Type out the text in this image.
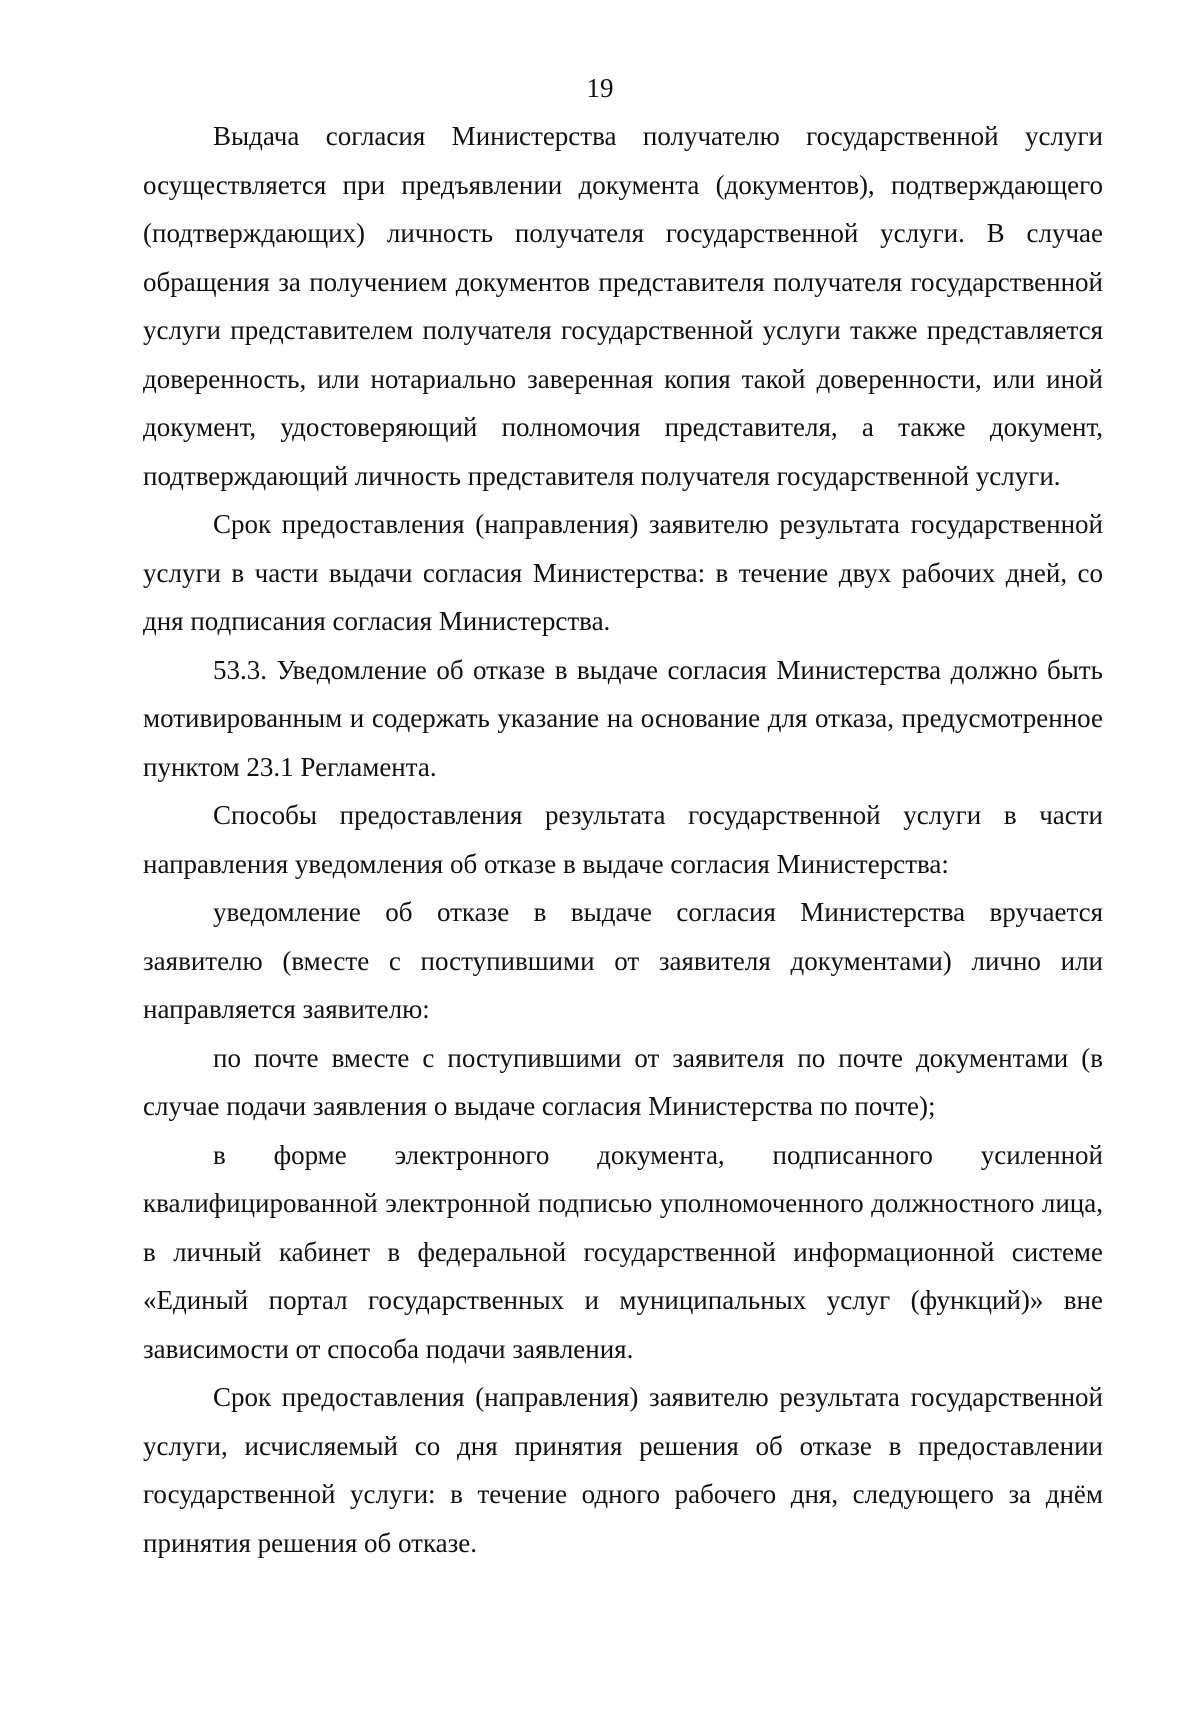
19

Выдача согласия Министерства получателю государственной услуги осуществляется при предъявлении документа (документов), подтверждающего (подтверждающих) личность получателя государственной услуги. В случае обращения за получением документов представителя получателя государственной услуги представителем получателя государственной услуги также представляется доверенность, или нотариально заверенная копия такой доверенности, или иной документ, удостоверяющий полномочия представителя, а также документ, подтверждающий личность представителя получателя государственной услуги.

Срок предоставления (направления) заявителю результата государственной услуги в части выдачи согласия Министерства: в течение двух рабочих дней, со дня подписания согласия Министерства.

53.3. Уведомление об отказе в выдаче согласия Министерства должно быть мотивированным и содержать указание на основание для отказа, предусмотренное пунктом 23.1 Регламента.

Способы предоставления результата государственной услуги в части направления уведомления об отказе в выдаче согласия Министерства:

уведомление об отказе в выдаче согласия Министерства вручается заявителю (вместе с поступившими от заявителя документами) лично или направляется заявителю:

по почте вместе с поступившими от заявителя по почте документами (в случае подачи заявления о выдаче согласия Министерства по почте);

в форме электронного документа, подписанного усиленной квалифицированной электронной подписью уполномоченного должностного лица, в личный кабинет в федеральной государственной информационной системе «Единый портал государственных и муниципальных услуг (функций)» вне зависимости от способа подачи заявления.

Срок предоставления (направления) заявителю результата государственной услуги, исчисляемый со дня принятия решения об отказе в предоставлении государственной услуги: в течение одного рабочего дня, следующего за днём принятия решения об отказе.
